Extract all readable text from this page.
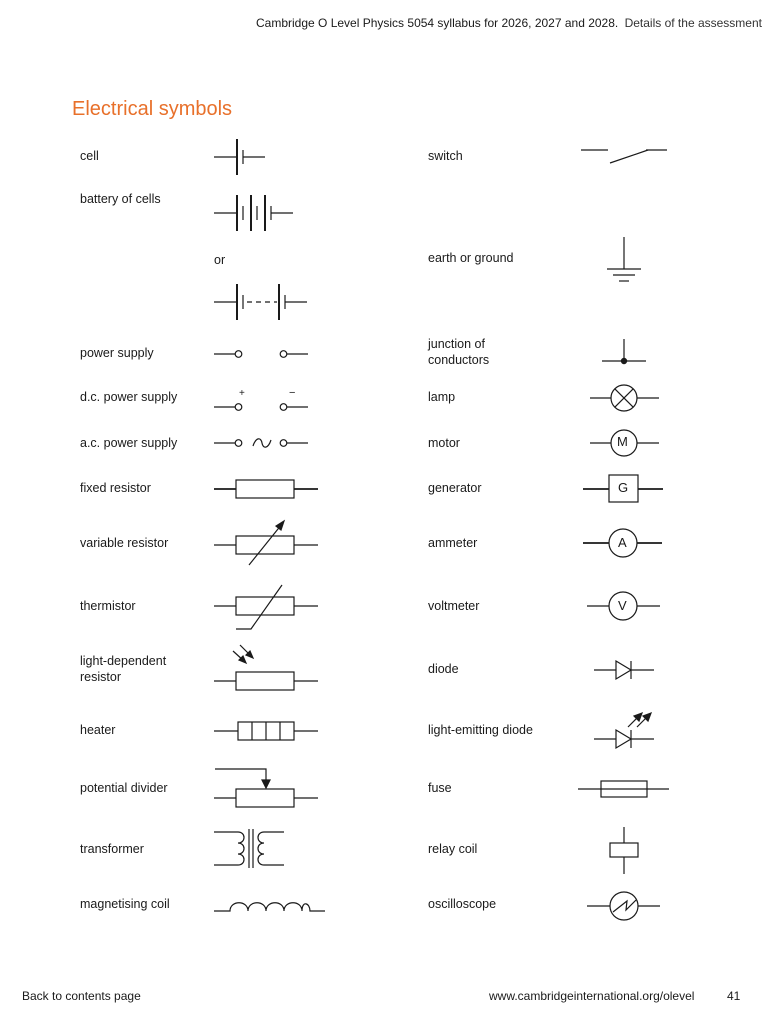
Cambridge O Level Physics 5054 syllabus for 2026, 2027 and 2028. Details of the assessment
Electrical symbols
cell
battery of cells
or
power supply
d.c. power supply
a.c. power supply
fixed resistor
variable resistor
thermistor
light-dependent
resistor
heater
potential divider
transformer
magnetising coil
switch
earth or ground
junction of
conductors
lamp
motor
generator
ammeter
voltmeter
diode
light-emitting diode
fuse
relay coil
oscilloscope
+	−
M
G
A
V
Back to contents page	www.cambridgeinternational.org/olevel	41
